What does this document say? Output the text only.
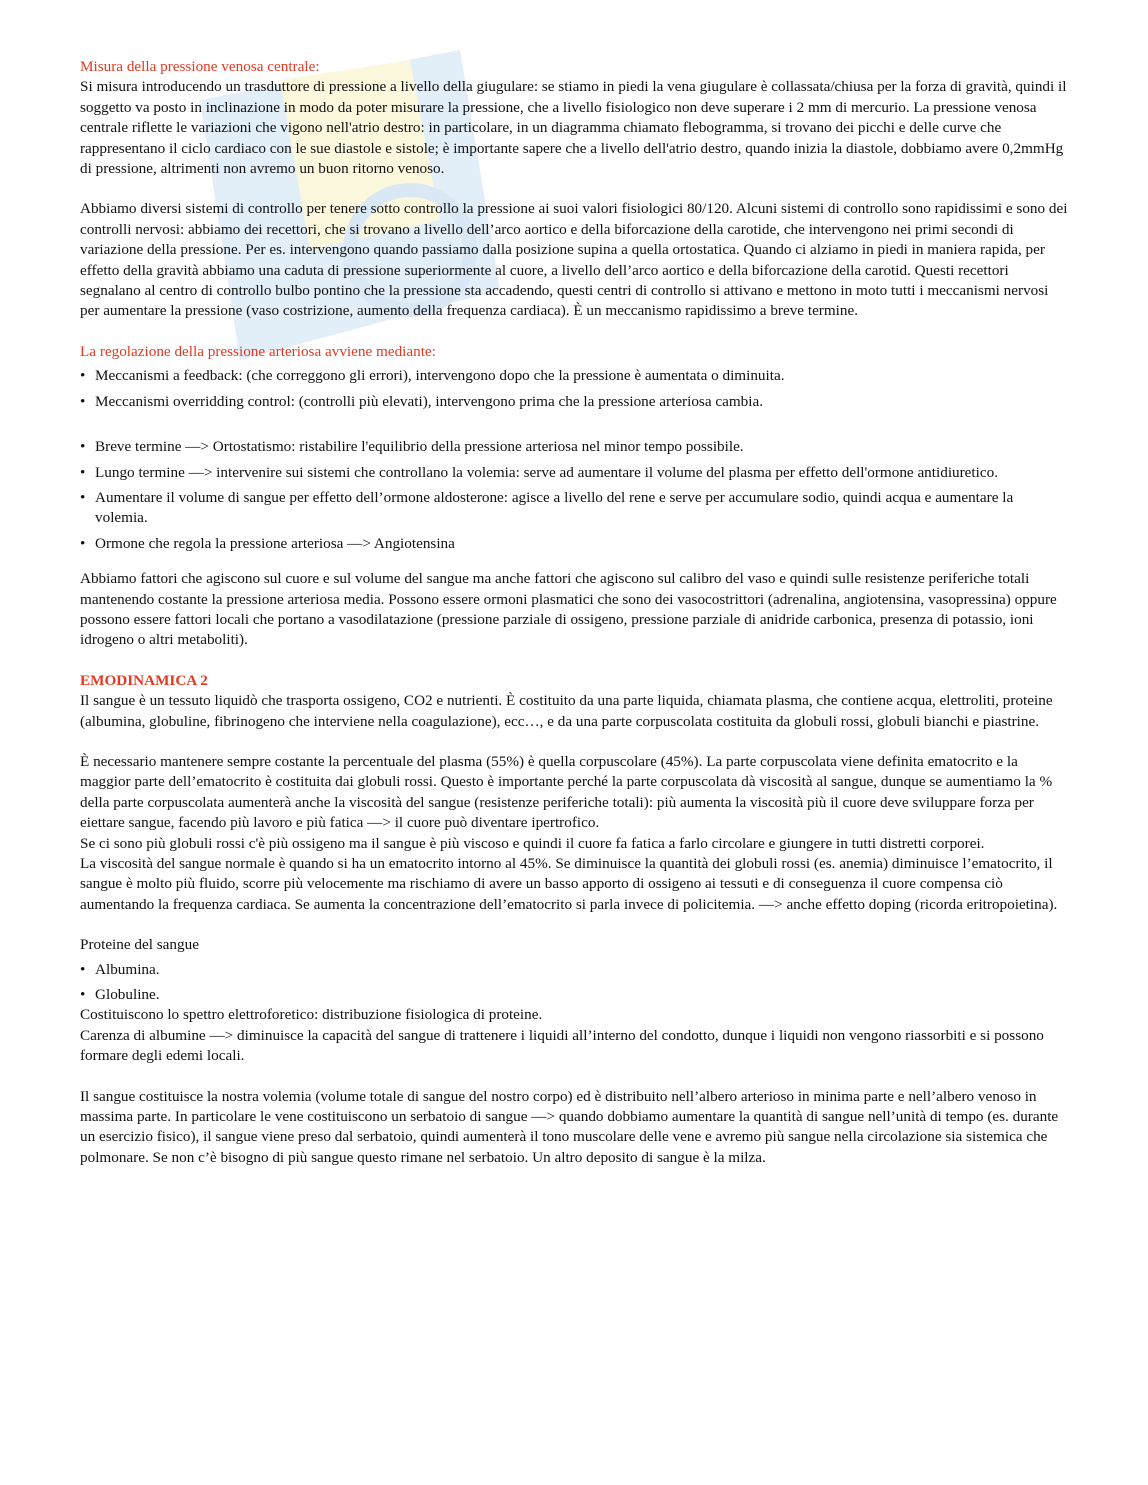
Misura della pressione venosa centrale:

Si misura introducendo un trasduttore di pressione a livello della giugulare: se stiamo in piedi la vena giugulare è collassata/chiusa per la forza di gravità, quindi il soggetto va posto in inclinazione in modo da poter misurare la pressione, che a livello fisiologico non deve superare i 2 mm di mercurio. La pressione venosa centrale riflette le variazioni che vigono nell'atrio destro: in particolare, in un diagramma chiamato flebogramma, si trovano dei picchi e delle curve che rappresentano il ciclo cardiaco con le sue diastole e sistole; è importante sapere che a livello dell'atrio destro, quando inizia la diastole, dobbiamo avere 0,2mmHg di pressione, altrimenti non avremo un buon ritorno venoso.

Abbiamo diversi sistemi di controllo per tenere sotto controllo la pressione ai suoi valori fisiologici 80/120. Alcuni sistemi di controllo sono rapidissimi e sono dei controlli nervosi: abbiamo dei recettori, che si trovano a livello dell’arco aortico e della biforcazione della carotide, che intervengono nei primi secondi di variazione della pressione. Per es. intervengono quando passiamo dalla posizione supina a quella ortostatica. Quando ci alziamo in piedi in maniera rapida, per effetto della gravità abbiamo una caduta di pressione superiormente al cuore, a livello dell’arco aortico e della biforcazione della carotid. Questi recettori segnalano al centro di controllo bulbo pontino che la pressione sta accadendo, questi centri di controllo si attivano e mettono in moto tutti i meccanismi nervosi per aumentare la pressione (vaso costrizione, aumento della frequenza cardiaca). È un meccanismo rapidissimo a breve termine.

La regolazione della pressione arteriosa avviene mediante:
• Meccanismi a feedback: (che correggono gli errori), intervengono dopo che la pressione è aumentata o diminuita.
• Meccanismi overridding control: (controlli più elevati), intervengono prima che la pressione arteriosa cambia.
• Breve termine —> Ortostatismo: ristabilire l'equilibrio della pressione arteriosa nel minor tempo possibile.
• Lungo termine —> intervenire sui sistemi che controllano la volemia: serve ad aumentare il volume del plasma per effetto dell'ormone antidiuretico.
• Aumentare il volume di sangue per effetto dell’ormone aldosterone: agisce a livello del rene e serve per accumulare sodio, quindi acqua e aumentare la volemia.
• Ormone che regola la pressione arteriosa —> Angiotensina

Abbiamo fattori che agiscono sul cuore e sul volume del sangue ma anche fattori che agiscono sul calibro del vaso e quindi sulle resistenze periferiche totali mantenendo costante la pressione arteriosa media. Possono essere ormoni plasmatici che sono dei vasocostrittori (adrenalina, angiotensina, vasopressina) oppure possono essere fattori locali che portano a vasodilatazione (pressione parziale di ossigeno, pressione parziale di anidride carbonica, presenza di potassio, ioni idrogeno o altri metaboliti).

EMODINAMICA 2

Il sangue è un tessuto liquidò che trasporta ossigeno, CO2 e nutrienti. È costituito da una parte liquida, chiamata plasma, che contiene acqua, elettroliti, proteine (albumina, globuline, fibrinogeno che interviene nella coagulazione), ecc…, e da una parte corpuscolata costituita da globuli rossi, globuli bianchi e piastrine.

È necessario mantenere sempre costante la percentuale del plasma (55%) è quella corpuscolare (45%). La parte corpuscolata viene definita ematocrito e la maggior parte dell’ematocrito è costituita dai globuli rossi. Questo è importante perché la parte corpuscolata dà viscosità al sangue, dunque se aumentiamo la % della parte corpuscolata aumenterà anche la viscosità del sangue (resistenze periferiche totali): più aumenta la viscosità più il cuore deve sviluppare forza per eiettare sangue, facendo più lavoro e più fatica —> il cuore può diventare ipertrofico.

Se ci sono più globuli rossi c'è più ossigeno ma il sangue è più viscoso e quindi il cuore fa fatica a farlo circolare e giungere in tutti distretti corporei.

La viscosità del sangue normale è quando si ha un ematocrito intorno al 45%. Se diminuisce la quantità dei globuli rossi (es. anemia) diminuisce l’ematocrito, il sangue è molto più fluido, scorre più velocemente ma rischiamo di avere un basso apporto di ossigeno ai tessuti e di conseguenza il cuore compensa ciò aumentando la frequenza cardiaca. Se aumenta la concentrazione dell’ematocrito si parla invece di policitemia. —> anche effetto doping (ricorda eritropoietina).

Proteine del sangue

• Albumina.
• Globuline.

Costituiscono lo spettro elettroforetico: distribuzione fisiologica di proteine.

Carenza di albumine —> diminuisce la capacità del sangue di trattenere i liquidi all’interno del condotto, dunque i liquidi non vengono riassorbiti e si possono formare degli edemi locali.

Il sangue costituisce la nostra volemia (volume totale di sangue del nostro corpo) ed è distribuito nell’albero arterioso in minima parte e nell’albero venoso in massima parte. In particolare le vene costituiscono un serbatoio di sangue —> quando dobbiamo aumentare la quantità di sangue nell’unità di tempo (es. durante un esercizio fisico), il sangue viene preso dal serbatoio, quindi aumenterà il tono muscolare delle vene e avremo più sangue nella circolazione sia sistemica che polmonare. Se non c’è bisogno di più sangue questo rimane nel serbatoio. Un altro deposito di sangue è la milza.
